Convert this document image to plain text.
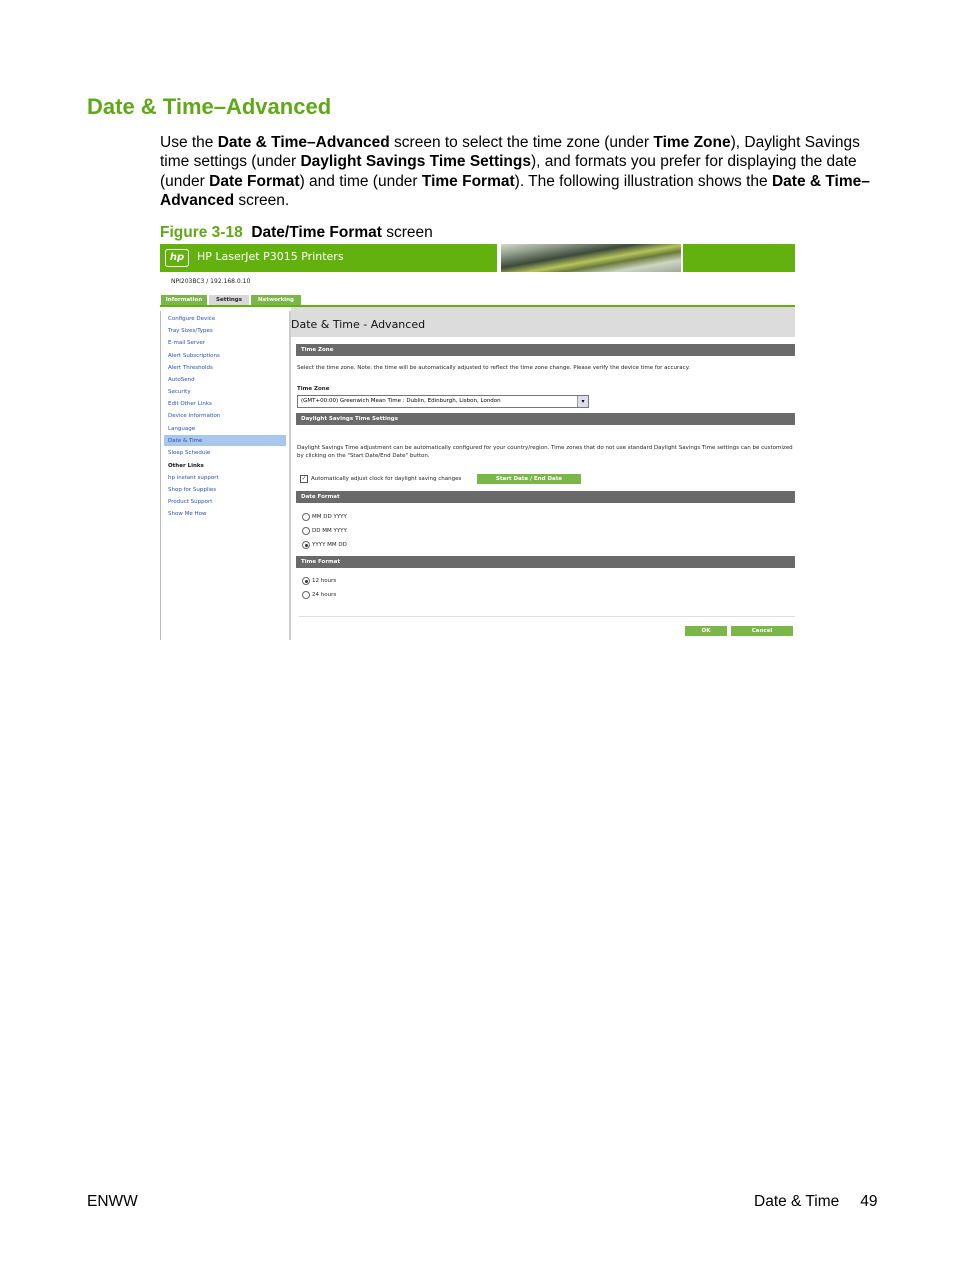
Date & Time–Advanced

Use the Date & Time–Advanced screen to select the time zone (under Time Zone), Daylight Savings time settings (under Daylight Savings Time Settings), and formats you prefer for displaying the date (under Date Format) and time (under Time Format). The following illustration shows the Date & Time–Advanced screen.

Figure 3-18 Date/Time Format screen
hp	HP LaserJet P3015 Printers
NPI203BC3 / 192.168.0.10
Information	Settings	Networking
Configure Device
Tray Sizes/Types
E-mail Server
Alert Subscriptions
Alert Thresholds
AutoSend
Security
Edit Other Links
Device Information
Language
Date & Time
Sleep Schedule
Other Links
hp instant support
Shop for Supplies
Product Support
Show Me How
Date & Time - Advanced
Time Zone
Select the time zone. Note: the time will be automatically adjusted to reflect the time zone change. Please verify the device time for accuracy.
Time Zone
(GMT+00:00) Greenwich Mean Time : Dublin, Edinburgh, Lisbon, London	▾
Daylight Savings Time Settings
Daylight Savings Time adjustment can be automatically configured for your country/region. Time zones that do not use standard Daylight Savings Time settings can be customized
by clicking on the "Start Date/End Date" button.
✓ Automatically adjust clock for daylight saving changes	Start Date / End Date
Date Format
MM DD YYYY
DD MM YYYY
YYYY MM DD
Time Format
12 hours
24 hours
OK	Cancel
ENWW	Date & Time 49
